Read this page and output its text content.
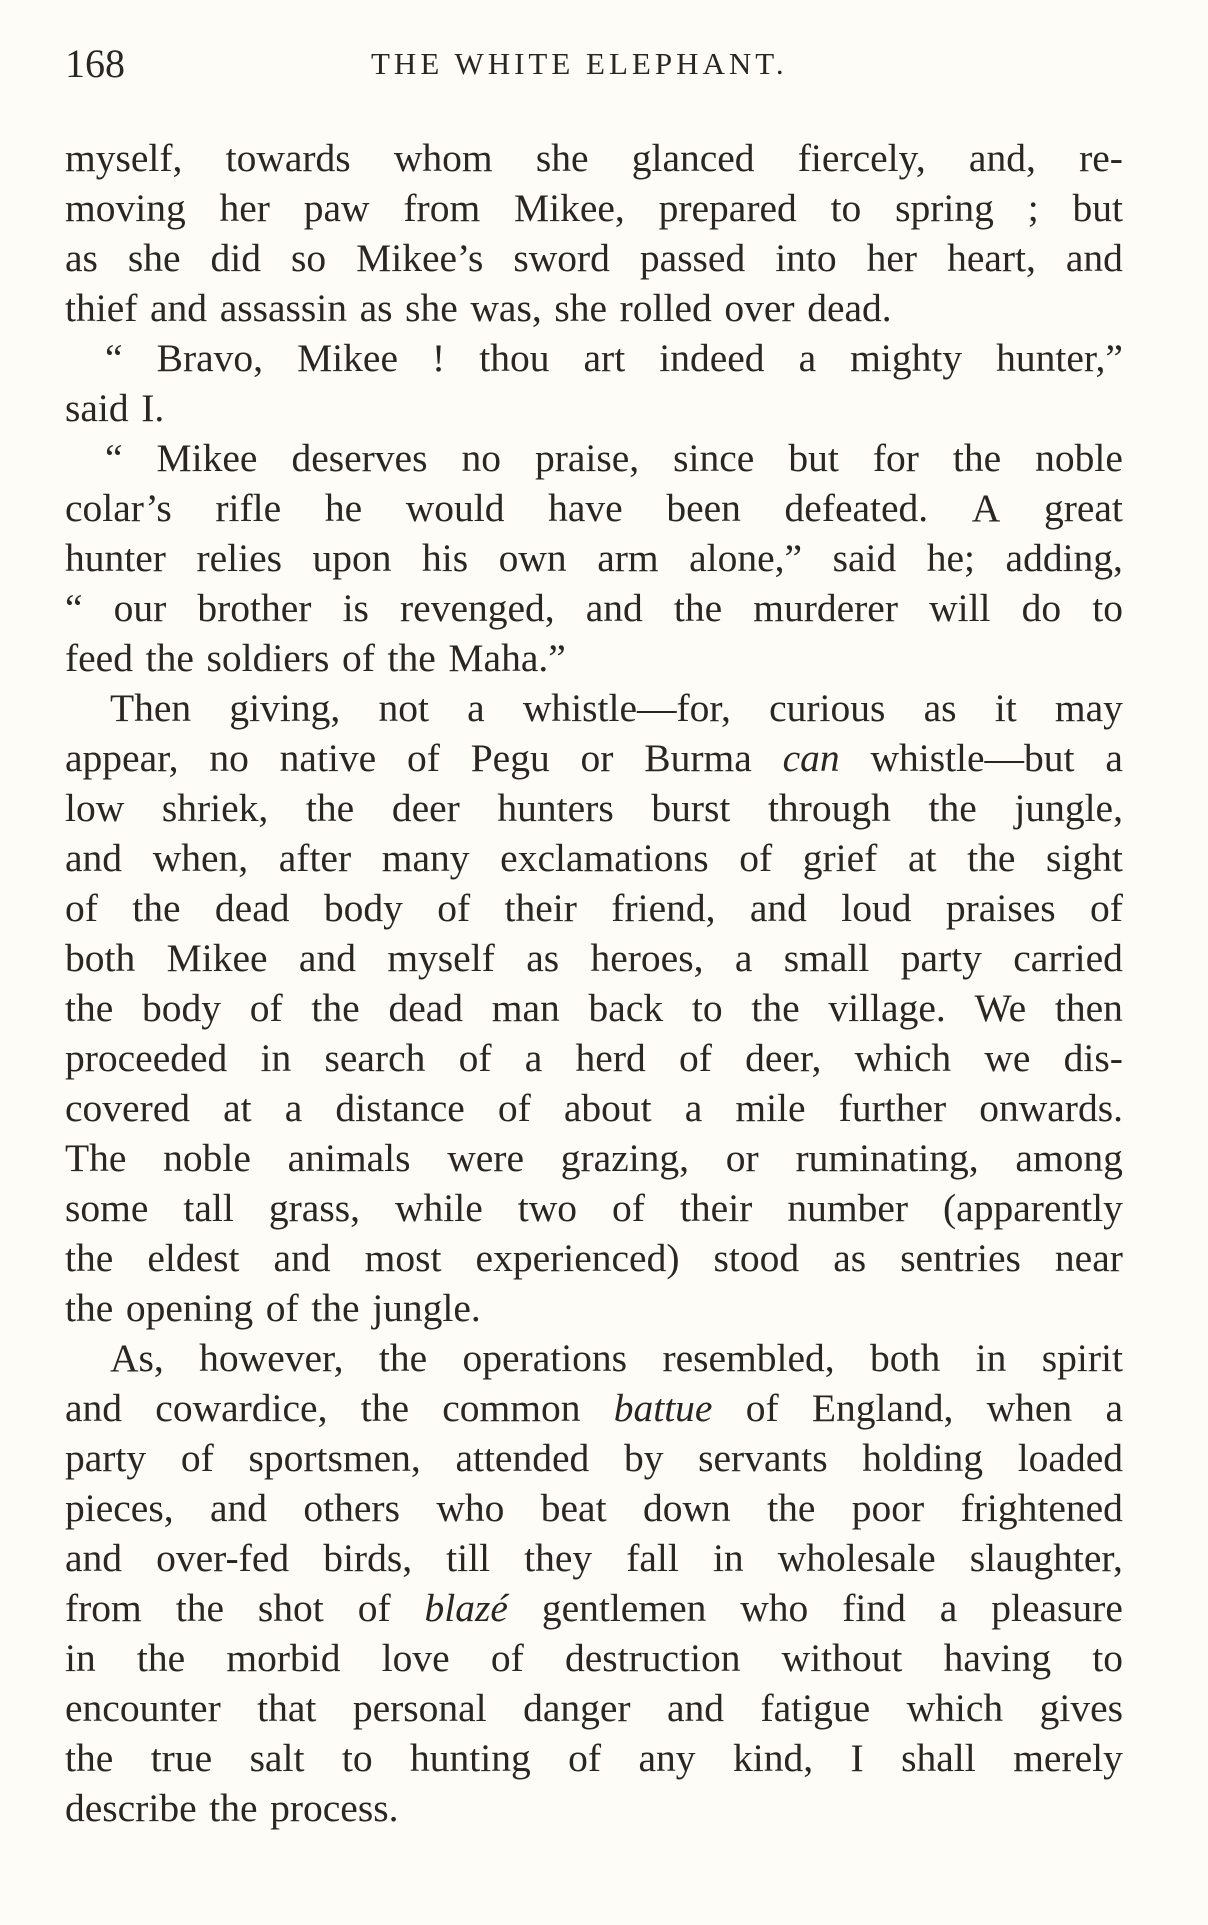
168	THE WHITE ELEPHANT.
myself, towards whom she glanced fiercely, and, re-
moving her paw from Mikee, prepared to spring ; but
as she did so Mikee’s sword passed into her heart, and
thief and assassin as she was, she rolled over dead.
“ Bravo, Mikee ! thou art indeed a mighty hunter,”
said I.
“ Mikee deserves no praise, since but for the noble
colar’s rifle he would have been defeated. A great
hunter relies upon his own arm alone,” said he; adding,
“ our brother is revenged, and the murderer will do to
feed the soldiers of the Maha.”
Then giving, not a whistle—for, curious as it may
appear, no native of Pegu or Burma can whistle—but a
low shriek, the deer hunters burst through the jungle,
and when, after many exclamations of grief at the sight
of the dead body of their friend, and loud praises of
both Mikee and myself as heroes, a small party carried
the body of the dead man back to the village. We then
proceeded in search of a herd of deer, which we dis-
covered at a distance of about a mile further onwards.
The noble animals were grazing, or ruminating, among
some tall grass, while two of their number (apparently
the eldest and most experienced) stood as sentries near
the opening of the jungle.
As, however, the operations resembled, both in spirit
and cowardice, the common battue of England, when a
party of sportsmen, attended by servants holding loaded
pieces, and others who beat down the poor frightened
and over-fed birds, till they fall in wholesale slaughter,
from the shot of blazé gentlemen who find a pleasure
in the morbid love of destruction without having to
encounter that personal danger and fatigue which gives
the true salt to hunting of any kind, I shall merely
describe the process.
